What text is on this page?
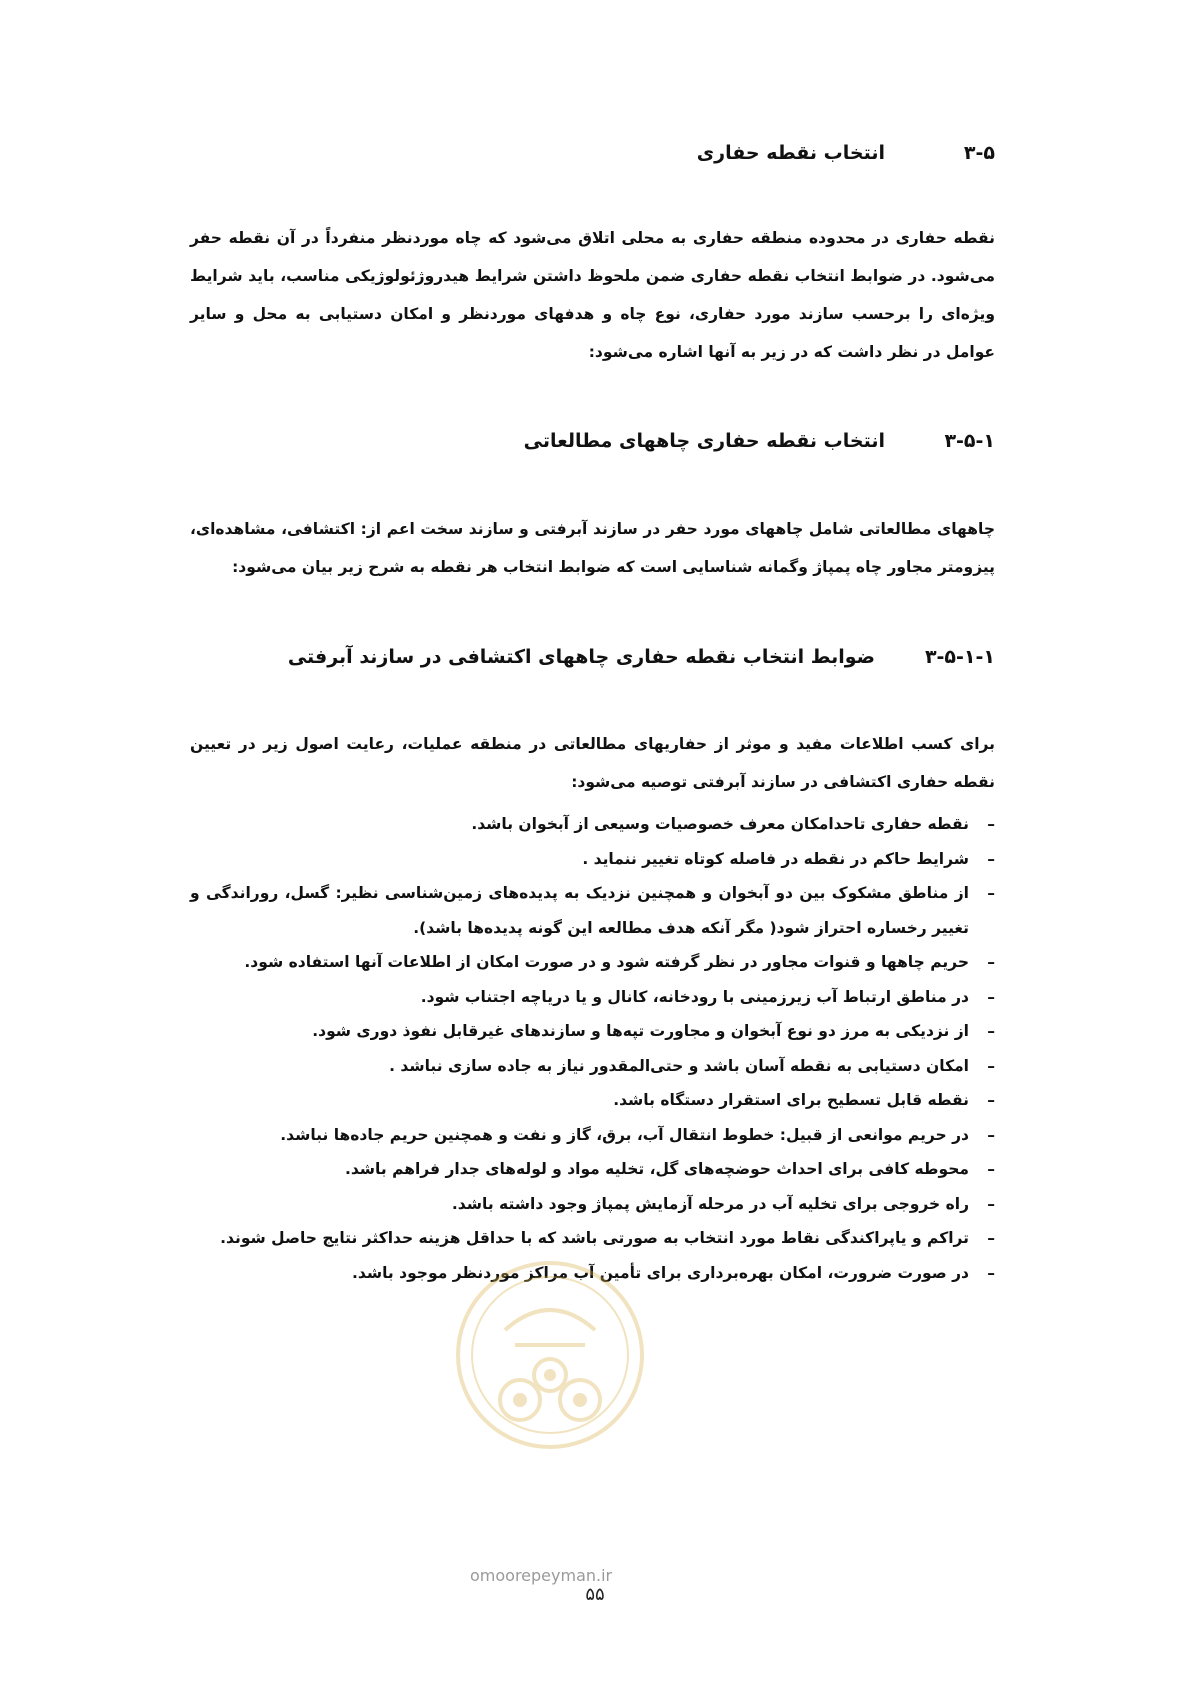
۳-۵
انتخاب نقطه حفاری

نقطه حفاری در محدوده منطقه حفاری به محلی اتلاق می‌شود که چاه موردنظر منفرداً در آن نقطه حفر می‌شود. در ضوابط انتخاب نقطه حفاری ضمن ملحوظ داشتن شرایط هیدروژئولوژیکی مناسب، باید شرایط ویژه‌ای را برحسب سازند مورد حفاری، نوع چاه و هدفهای موردنظر و امکان دستیابی به محل و سایر عوامل در نظر داشت که در زیر به آنها اشاره می‌شود:

۳-۵-۱
انتخاب نقطه حفاری چاههای مطالعاتی

چاههای مطالعاتی شامل چاههای مورد حفر در سازند آبرفتی و سازند سخت اعم از: اکتشافی، مشاهده‌ای، پیزومتر مجاور چاه پمپاژ وگمانه شناسایی است که ضوابط انتخاب هر نقطه به شرح زیر بیان می‌شود:

۳-۵-۱-۱
ضوابط انتخاب نقطه حفاری چاههای اکتشافی در سازند آبرفتی

برای کسب اطلاعات مفید و موثر از حفاریهای مطالعاتی در منطقه عملیات، رعایت اصول زیر در تعیین نقطه حفاری اکتشافی در سازند آبرفتی توصیه می‌شود:

–
نقطه حفاری تاحدامکان معرف خصوصیات وسیعی از آبخوان باشد.
–
شرایط حاکم در نقطه در فاصله کوتاه تغییر ننماید .
–
از مناطق مشکوک بین دو آبخوان و همچنین نزدیک به پدیده‌های زمین‌شناسی نظیر: گسل، روراندگی و تغییر رخساره احتراز شود( مگر آنکه هدف مطالعه این گونه پدیده‌ها باشد).
–
حریم چاهها و قنوات مجاور در نظر گرفته شود و در صورت امکان از اطلاعات آنها استفاده شود.
–
در مناطق ارتباط آب زیرزمینی با رودخانه، کانال و یا دریاچه اجتناب شود.
–
از نزدیکی به مرز دو نوع آبخوان و مجاورت تپه‌ها و سازندهای غیرقابل نفوذ دوری شود.
–
امکان دستیابی به نقطه آسان باشد و حتی‌المقدور نیاز به جاده سازی نباشد .
–
نقطه قابل تسطیح برای استقرار دستگاه باشد.
–
در حریم موانعی از قبیل: خطوط انتقال آب، برق، گاز و نفت و همچنین حریم جاده‌ها نباشد.
–
محوطه کافی برای احداث حوضچه‌های گل، تخلیه مواد و لوله‌های جدار فراهم باشد.
–
راه خروجی برای تخلیه آب در مرحله آزمایش پمپاژ وجود داشته باشد.
–
تراکم و یاپراکندگی نقاط مورد انتخاب به صورتی باشد که با حداقل هزینه حداکثر نتایج حاصل شوند.
–
در صورت ضرورت، امکان بهره‌برداری برای تأمین آب مراکز موردنظر موجود باشد.
omoorepeyman.ir
۵۵
